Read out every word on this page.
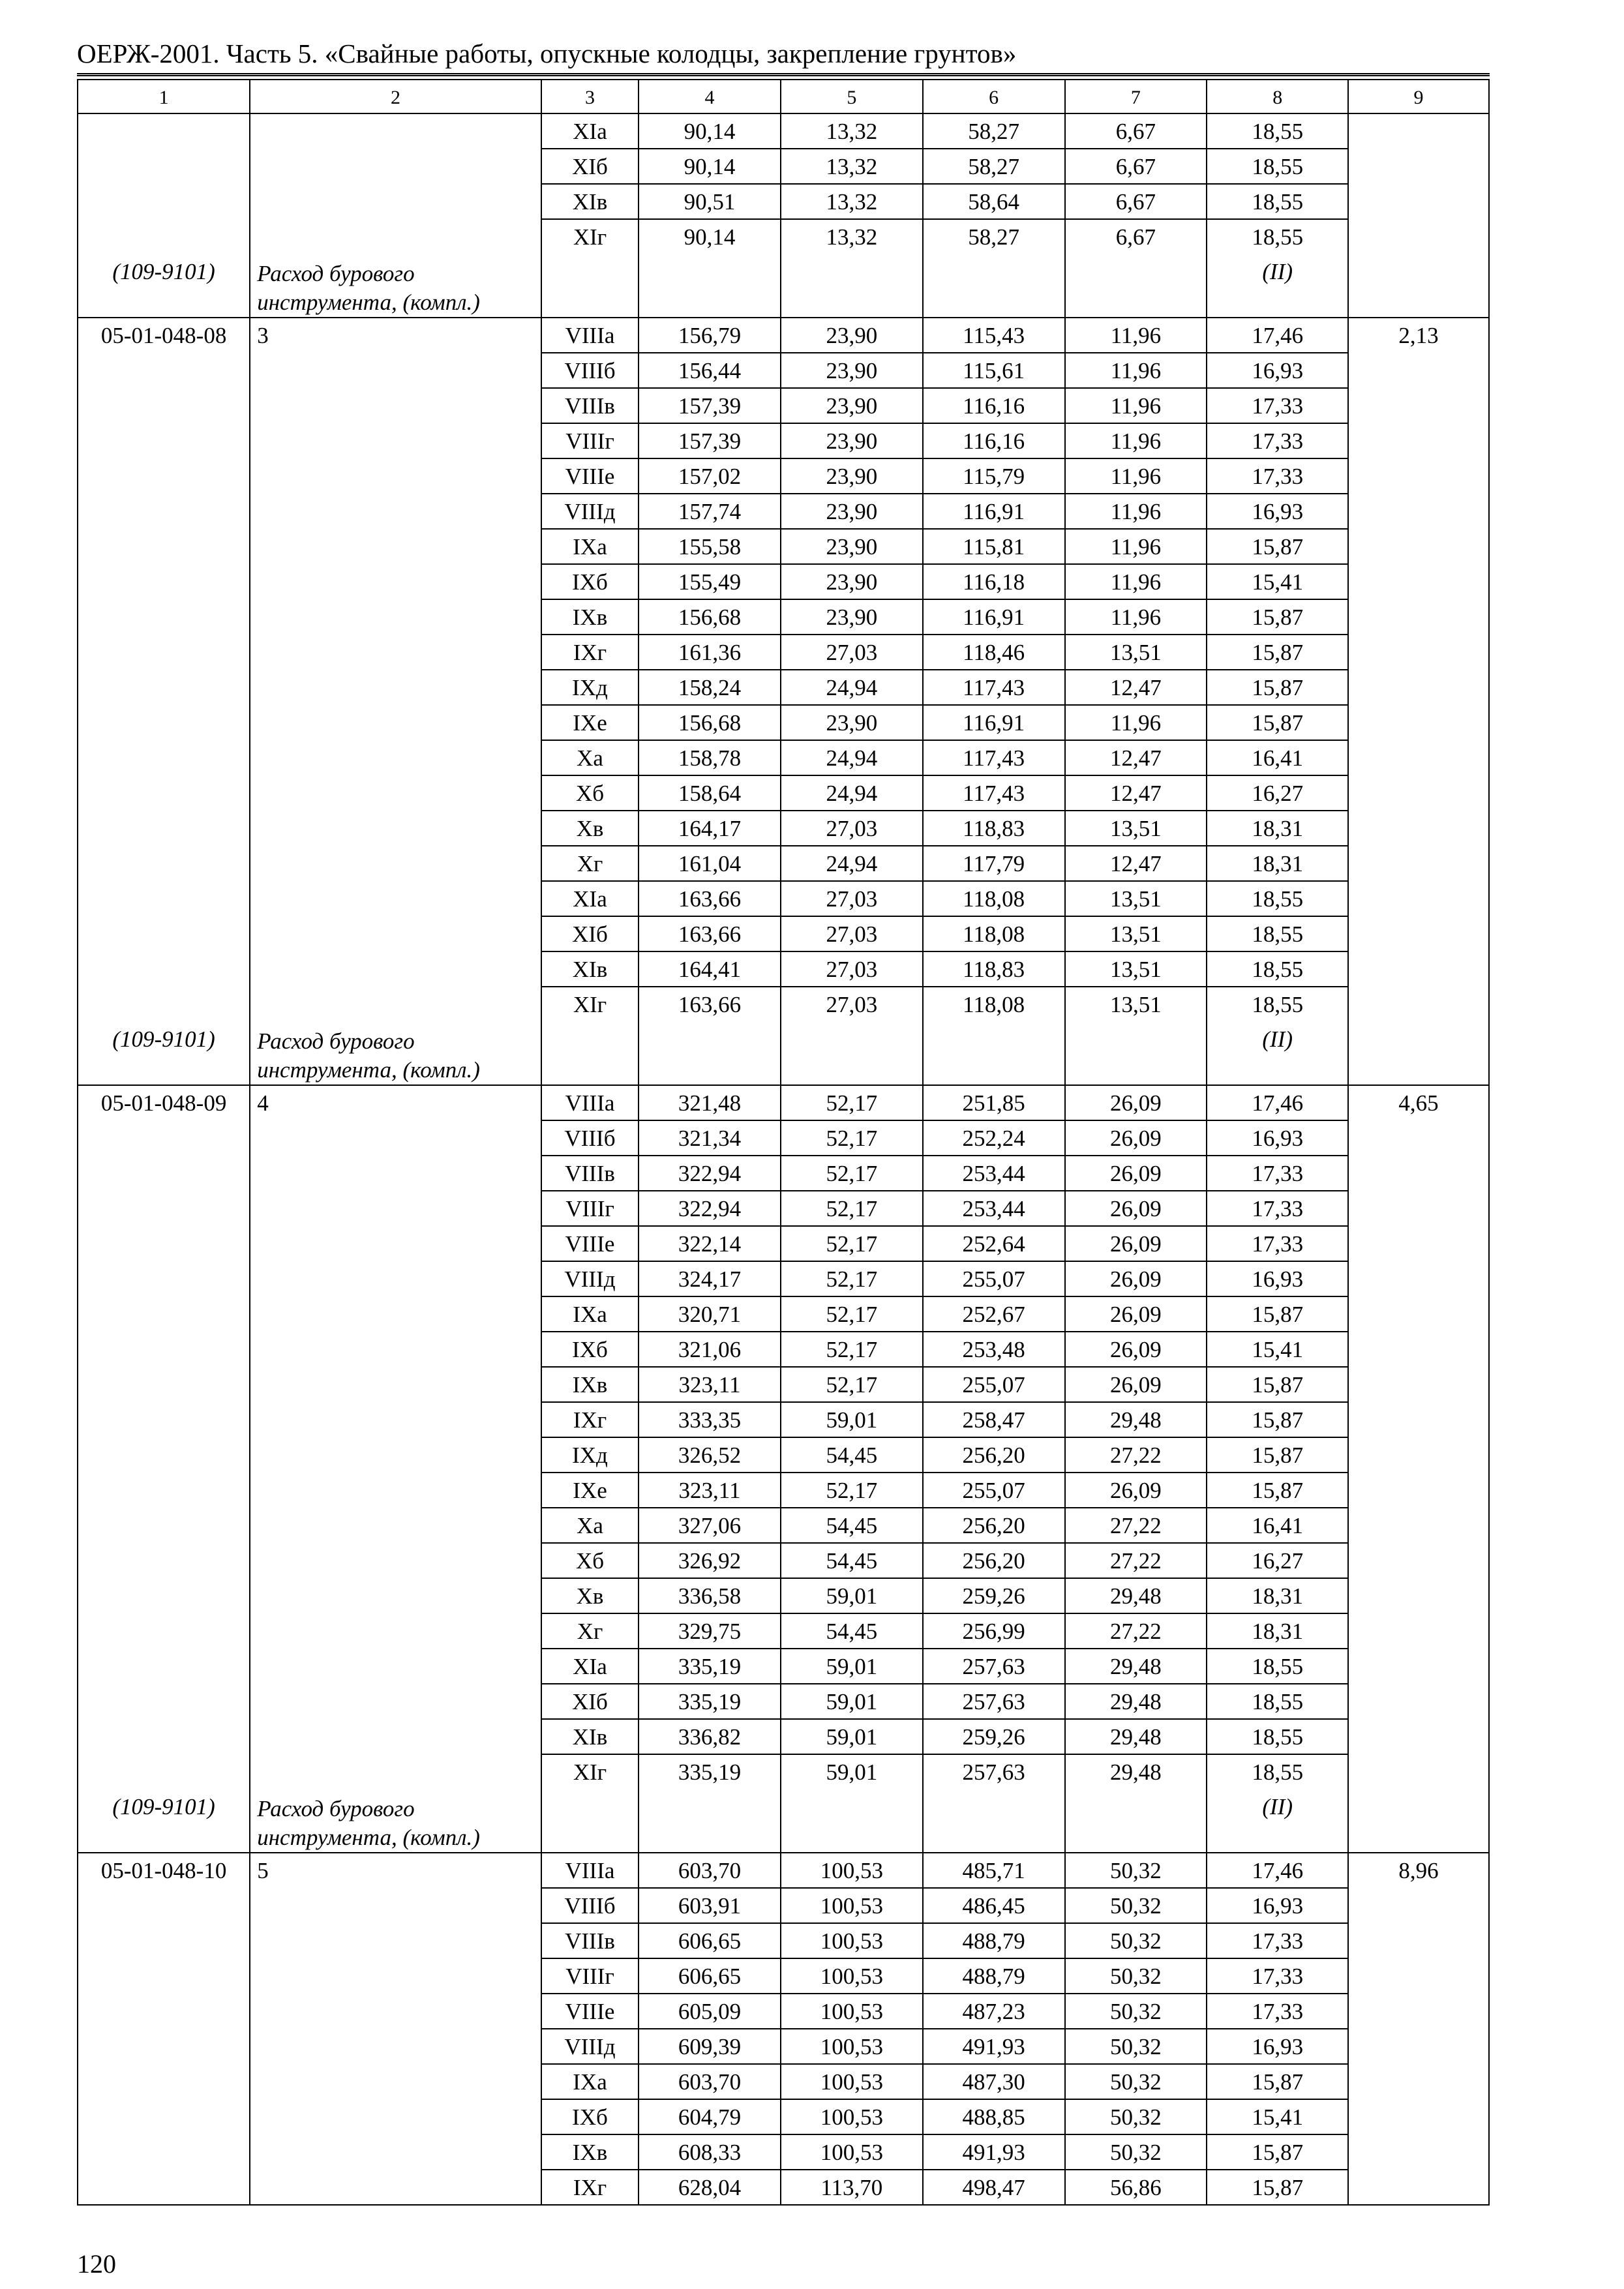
ОЕРЖ-2001. Часть 5. «Свайные работы, опускные колодцы, закрепление грунтов»
1	2	3	4	5	6	7	8	9
		XIа	90,14	13,32	58,27	6,67	18,55	
		XIб	90,14	13,32	58,27	6,67	18,55	
		XIв	90,51	13,32	58,64	6,67	18,55	
		XIг	90,14	13,32	58,27	6,67	18,55	
(109-9101)	Расход бурового инструмента, (компл.)						(II)	
05-01-048-08	3	VIIIа	156,79	23,90	115,43	11,96	17,46	2,13
		VIIIб	156,44	23,90	115,61	11,96	16,93	
		VIIIв	157,39	23,90	116,16	11,96	17,33	
		VIIIг	157,39	23,90	116,16	11,96	17,33	
		VIIIе	157,02	23,90	115,79	11,96	17,33	
		VIIIд	157,74	23,90	116,91	11,96	16,93	
		IXа	155,58	23,90	115,81	11,96	15,87	
		IXб	155,49	23,90	116,18	11,96	15,41	
		IXв	156,68	23,90	116,91	11,96	15,87	
		IXг	161,36	27,03	118,46	13,51	15,87	
		IXд	158,24	24,94	117,43	12,47	15,87	
		IXе	156,68	23,90	116,91	11,96	15,87	
		Xа	158,78	24,94	117,43	12,47	16,41	
		Xб	158,64	24,94	117,43	12,47	16,27	
		Xв	164,17	27,03	118,83	13,51	18,31	
		Xг	161,04	24,94	117,79	12,47	18,31	
		XIа	163,66	27,03	118,08	13,51	18,55	
		XIб	163,66	27,03	118,08	13,51	18,55	
		XIв	164,41	27,03	118,83	13,51	18,55	
		XIг	163,66	27,03	118,08	13,51	18,55	
(109-9101)	Расход бурового инструмента, (компл.)						(II)	
05-01-048-09	4	VIIIа	321,48	52,17	251,85	26,09	17,46	4,65
		VIIIб	321,34	52,17	252,24	26,09	16,93	
		VIIIв	322,94	52,17	253,44	26,09	17,33	
		VIIIг	322,94	52,17	253,44	26,09	17,33	
		VIIIе	322,14	52,17	252,64	26,09	17,33	
		VIIIд	324,17	52,17	255,07	26,09	16,93	
		IXа	320,71	52,17	252,67	26,09	15,87	
		IXб	321,06	52,17	253,48	26,09	15,41	
		IXв	323,11	52,17	255,07	26,09	15,87	
		IXг	333,35	59,01	258,47	29,48	15,87	
		IXд	326,52	54,45	256,20	27,22	15,87	
		IXе	323,11	52,17	255,07	26,09	15,87	
		Xа	327,06	54,45	256,20	27,22	16,41	
		Xб	326,92	54,45	256,20	27,22	16,27	
		Xв	336,58	59,01	259,26	29,48	18,31	
		Xг	329,75	54,45	256,99	27,22	18,31	
		XIа	335,19	59,01	257,63	29,48	18,55	
		XIб	335,19	59,01	257,63	29,48	18,55	
		XIв	336,82	59,01	259,26	29,48	18,55	
		XIг	335,19	59,01	257,63	29,48	18,55	
(109-9101)	Расход бурового инструмента, (компл.)						(II)	
05-01-048-10	5	VIIIа	603,70	100,53	485,71	50,32	17,46	8,96
		VIIIб	603,91	100,53	486,45	50,32	16,93	
		VIIIв	606,65	100,53	488,79	50,32	17,33	
		VIIIг	606,65	100,53	488,79	50,32	17,33	
		VIIIе	605,09	100,53	487,23	50,32	17,33	
		VIIIд	609,39	100,53	491,93	50,32	16,93	
		IXа	603,70	100,53	487,30	50,32	15,87	
		IXб	604,79	100,53	488,85	50,32	15,41	
		IXв	608,33	100,53	491,93	50,32	15,87	
		IXг	628,04	113,70	498,47	56,86	15,87	
120
